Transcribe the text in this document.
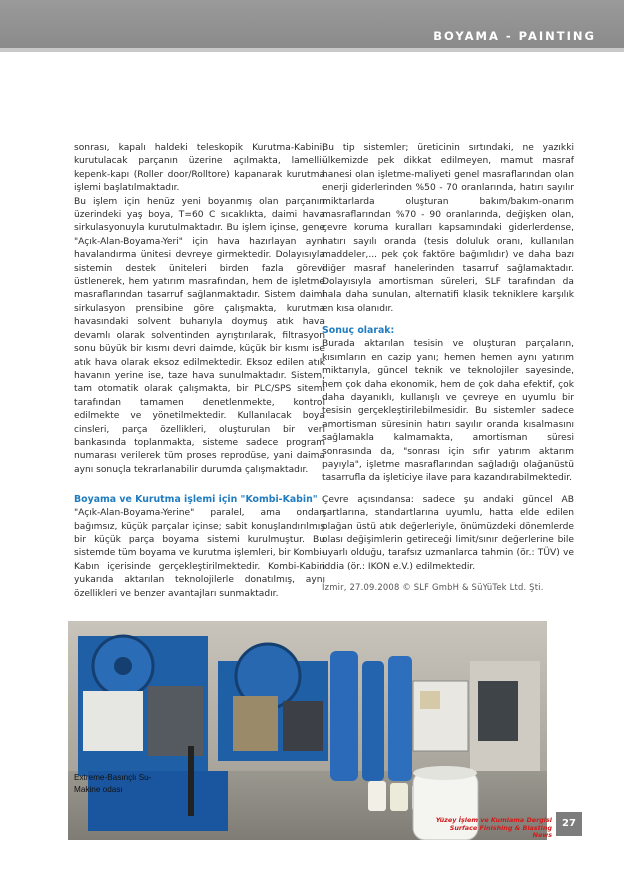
BOYAMA - PAINTING

sonrası, kapalı haldeki teleskopik Kurutma-Kabini, kurutulacak parçanın üzerine açılmakta, lamelli-kepenk-kapı (Roller door/Rolltore) kapanarak kurutma işlemi başlatılmaktadır.

Bu işlem için henüz yeni boyanmış olan parçanın üzerindeki yaş boya, T=60 C sıcaklıkta, daimi hava sirkulasyonuyla kurutulmaktadır. Bu işlem içinse, gene "Açık-Alan-Boyama-Yeri" için hava hazırlayan aynı havalandırma ünitesi devreye girmektedir. Dolayısıyla sistemin destek üniteleri birden fazla görevi üstlenerek, hem yatırım masrafından, hem de işletme masraflarından tasarruf sağlanmaktadır. Sistem daimi sirkulasyon prensibine göre çalışmakta, kurutma havasındaki solvent buharıyla doymuş atık hava devamlı olarak solventinden ayrıştırılarak, filtrasyon sonu büyük bir kısmı devri daimde, küçük bir kısmı ise atık hava olarak eksoz edilmektedir. Eksoz edilen atık havanın yerine ise, taze hava sunulmaktadır. Sistem, tam otomatik olarak çalışmakta, bir PLC/SPS sitemi tarafından tamamen denetlenmekte, kontrol edilmekte ve yönetilmektedir. Kullanılacak boya cinsleri, parça özellikleri, oluşturulan bir veri bankasında toplanmakta, sisteme sadece program numarası verilerek tüm proses reprodüse, yani daima aynı sonuçla tekrarlanabilir durumda çalışmaktadır.

Boyama ve Kurutma işlemi için "Kombi-Kabin"

"Açık-Alan-Boyama-Yerine" paralel, ama ondan bağımsız, küçük parçalar içinse; sabit konuşlandırılmış bir küçük parça boyama sistemi kurulmuştur. Bu sistemde tüm boyama ve kurutma işlemleri, bir Kombi-Kabın içerisinde gerçekleştirilmektedir. Kombi-Kabin yukarıda aktarılan teknolojilerle donatılmış, aynı özellikleri ve benzer avantajları sunmaktadır.

Bu tip sistemler; üreticinin sırtındaki, ne yazıkki ülkemizde pek dikkat edilmeyen, mamut masraf hanesi olan işletme-maliyeti genel masraflarından olan enerji giderlerinden %50 - 70 oranlarında, hatırı sayılır miktarlarda oluşturan bakım/bakım-onarım masraflarından %70 - 90 oranlarında, değişken olan, çevre koruma kuralları kapsamındaki giderlerdense, hatırı sayılı oranda (tesis doluluk oranı, kullanılan maddeler,... pek çok faktöre bağımlıdır) ve daha bazı diğer masraf hanelerinden tasarruf sağlamaktadır. Dolayısıyla amortisman süreleri, SLF tarafından da hala daha sunulan, alternatifi klasik tekniklere karşılık en kısa olanıdır.

Sonuç olarak:

Burada aktarılan tesisin ve oluşturan parçaların, kısımların en cazip yanı; hemen hemen aynı yatırım miktarıyla, güncel teknik ve teknolojiler sayesinde, hem çok daha ekonomik, hem de çok daha efektif, çok daha dayanıklı, kullanışlı ve çevreye en uyumlu bir tesisin gerçekleştirilebilmesidir. Bu sistemler sadece amortisman süresinin hatırı sayılır oranda kısalmasını sağlamakla kalmamakta, amortisman süresi sonrasında da, "sonrası için sıfır yatırım aktarım payıyla", işletme masraflarından sağladığı olağanüstü tasarrufla da işleticiye ilave para kazandırabilmektedir.

Çevre açısındansa: sadece şu andaki güncel AB şartlarına, standartlarına uyumlu, hatta elde edilen olağan üstü atık değerleriyle, önümüzdeki dönemlerde olası değişimlerin getireceği limit/sınır değerlerine bile uyarlı olduğu, tarafsız uzmanlarca tahmin (ör.: TÜV) ve iddia (ör.: IKON e.V.) edilmektedir.

İzmir, 27.09.2008 © SLF GmbH & SüYüTek Ltd. Şti.

Extreme-Basınçlı Su-Makine odası
Yüzey İşlem ve Kumlama Dergisi
Surface Finishing & Blasting News
27
